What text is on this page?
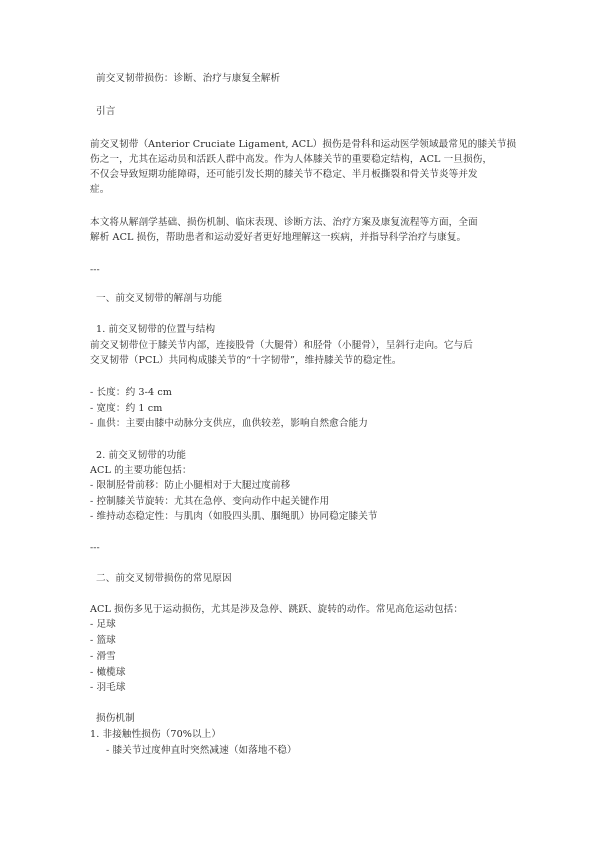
前交叉韧带损伤：诊断、治疗与康复全解析
引言
前交叉韧带（Anterior Cruciate Ligament, ACL）损伤是骨科和运动医学领域最常见的膝关节损
伤之一，尤其在运动员和活跃人群中高发。作为人体膝关节的重要稳定结构，ACL 一旦损伤，
不仅会导致短期功能障碍，还可能引发长期的膝关节不稳定、半月板撕裂和骨关节炎等并发
症。
本文将从解剖学基础、损伤机制、临床表现、诊断方法、治疗方案及康复流程等方面，全面
解析 ACL 损伤，帮助患者和运动爱好者更好地理解这一疾病，并指导科学治疗与康复。
---
一、前交叉韧带的解剖与功能
1. 前交叉韧带的位置与结构
前交叉韧带位于膝关节内部，连接股骨（大腿骨）和胫骨（小腿骨），呈斜行走向。它与后
交叉韧带（PCL）共同构成膝关节的“十字韧带”，维持膝关节的稳定性。
- 长度：约 3-4 cm
- 宽度：约 1 cm
- 血供：主要由膝中动脉分支供应，血供较差，影响自然愈合能力
2. 前交叉韧带的功能
ACL 的主要功能包括：
- 限制胫骨前移：防止小腿相对于大腿过度前移
- 控制膝关节旋转：尤其在急停、变向动作中起关键作用
- 维持动态稳定性：与肌肉（如股四头肌、腘绳肌）协同稳定膝关节
---
二、前交叉韧带损伤的常见原因
ACL 损伤多见于运动损伤，尤其是涉及急停、跳跃、旋转的动作。常见高危运动包括：
- 足球
- 篮球
- 滑雪
- 橄榄球
- 羽毛球
损伤机制
1. 非接触性损伤（70%以上）
- 膝关节过度伸直时突然减速（如落地不稳）
